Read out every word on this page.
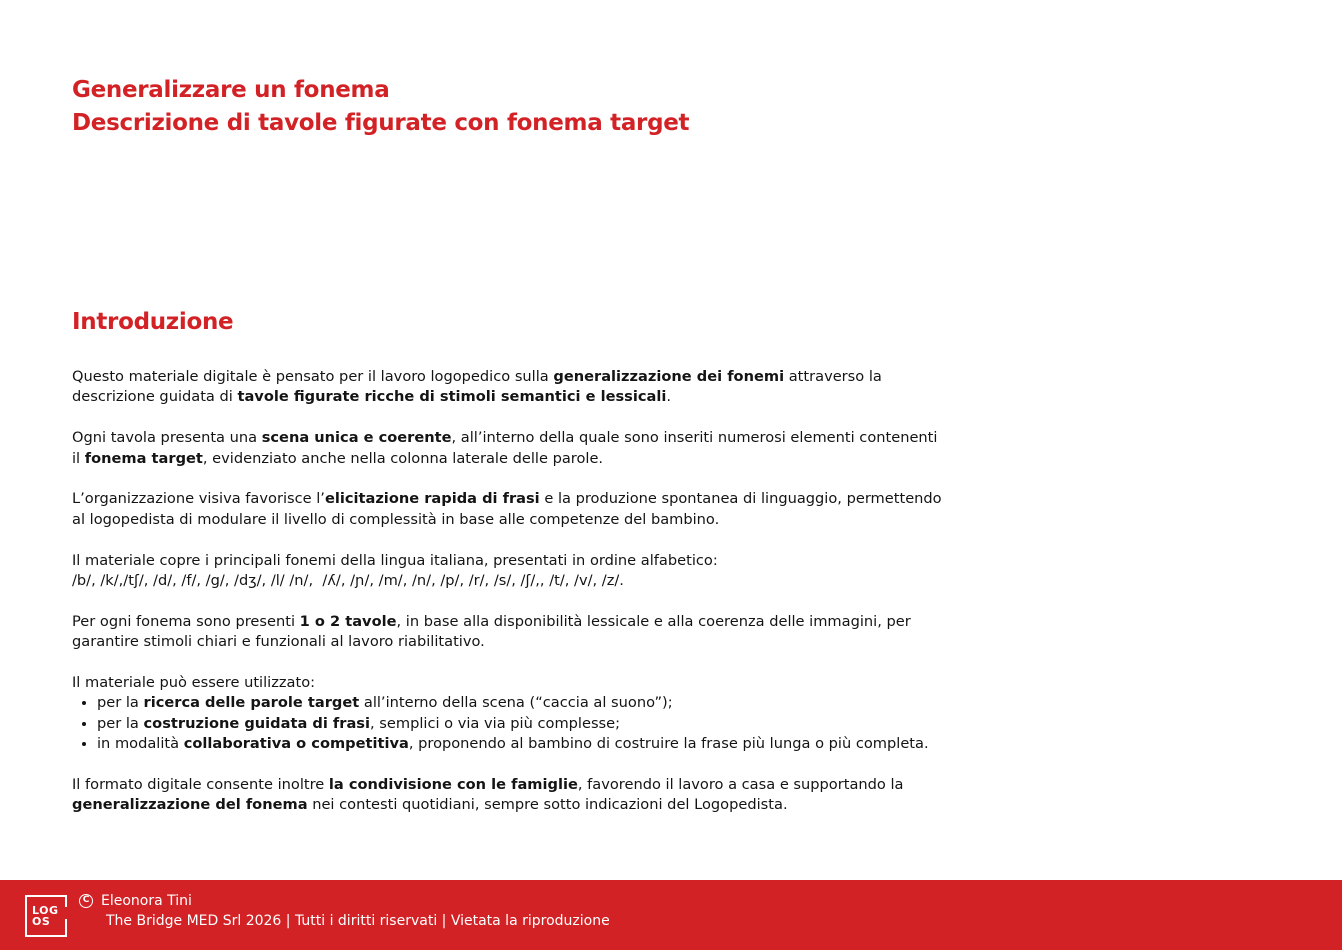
Generalizzare un fonema
Descrizione di tavole figurate con fonema target
Introduzione

Questo materiale digitale è pensato per il lavoro logopedico sulla generalizzazione dei fonemi attraverso la descrizione guidata di tavole figurate ricche di stimoli semantici e lessicali.

Ogni tavola presenta una scena unica e coerente, all’interno della quale sono inseriti numerosi elementi contenenti il fonema target, evidenziato anche nella colonna laterale delle parole.

L’organizzazione visiva favorisce l’elicitazione rapida di frasi e la produzione spontanea di linguaggio, permettendo al logopedista di modulare il livello di complessità in base alle competenze del bambino.

Il materiale copre i principali fonemi della lingua italiana, presentati in ordine alfabetico:
/b/, /k/,/tʃ/, /d/, /f/, /g/, /dʒ/, /l/ /n/,  /ʎ/, /ɲ/, /m/, /n/, /p/, /r/, /s/, /ʃ/,, /t/, /v/, /z/.

Per ogni fonema sono presenti 1 o 2 tavole, in base alla disponibilità lessicale e alla coerenza delle immagini, per garantire stimoli chiari e funzionali al lavoro riabilitativo.

Il materiale può essere utilizzato:
• per la ricerca delle parole target all’interno della scena (“caccia al suono”);
• per la costruzione guidata di frasi, semplici o via via più complesse;
• in modalità collaborativa o competitiva, proponendo al bambino di costruire la frase più lunga o più completa.

Il formato digitale consente inoltre la condivisione con le famiglie, favorendo il lavoro a casa e supportando la generalizzazione del fonema nei contesti quotidiani, sempre sotto indicazioni del Logopedista.

LOG
OS
C Eleonora Tini
The Bridge MED Srl 2026 | Tutti i diritti riservati | Vietata la riproduzione
